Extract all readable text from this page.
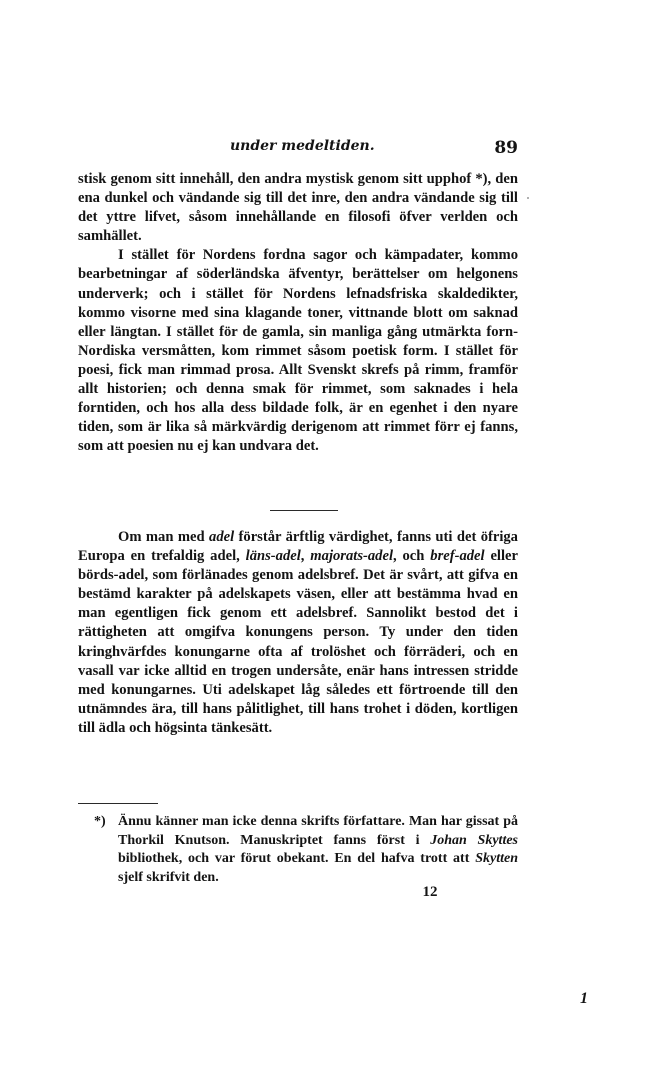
under medeltiden.	89

stisk genom sitt innehåll, den andra mystisk genom sitt upphof *), den ena dunkel och vändande sig till det inre, den andra vändande sig till det yttre lifvet, såsom innehållande en filosofi öfver verlden och samhället.

I stället för Nordens fordna sagor och kämpadater, kommo bearbetningar af söderländska äfventyr, berättelser om helgonens underverk; och i stället för Nordens lefnadsfriska skaldedikter, kommo visorne med sina klagande toner, vittnande blott om saknad eller längtan. I stället för de gamla, sin manliga gång utmärkta forn-Nordiska versmåtten, kom rimmet såsom poetisk form. I stället för poesi, fick man rimmad prosa. Allt Svenskt skrefs på rimm, framför allt historien; och denna smak för rimmet, som saknades i hela forntiden, och hos alla dess bildade folk, är en egenhet i den nyare tiden, som är lika så märkvärdig derigenom att rimmet förr ej fanns, som att poesien nu ej kan undvara det.

Om man med adel förstår ärftlig värdighet, fanns uti det öfriga Europa en trefaldig adel, läns-adel, majorats-adel, och bref-adel eller börds-adel, som förlänades genom adelsbref. Det är svårt, att gifva en bestämd karakter på adelskapets väsen, eller att bestämma hvad en man egentligen fick genom ett adelsbref. Sannolikt bestod det i rättigheten att omgifva konungens person. Ty under den tiden kringhvärfdes konungarne ofta af trolöshet och förräderi, och en vasall var icke alltid en trogen undersåte, enär hans intressen stridde med konungarnes. Uti adelskapet låg således ett förtroende till den utnämndes ära, till hans pålitlighet, till hans trohet i döden, kortligen till ädla och högsinta tänkesätt.

*) Ännu känner man icke denna skrifts författare. Man har gissat på Thorkil Knutson. Manuskriptet fanns först i Johan Skyttes bibliothek, och var förut obekant. En del hafva trott att Skytten sjelf skrifvit den.

12
1
